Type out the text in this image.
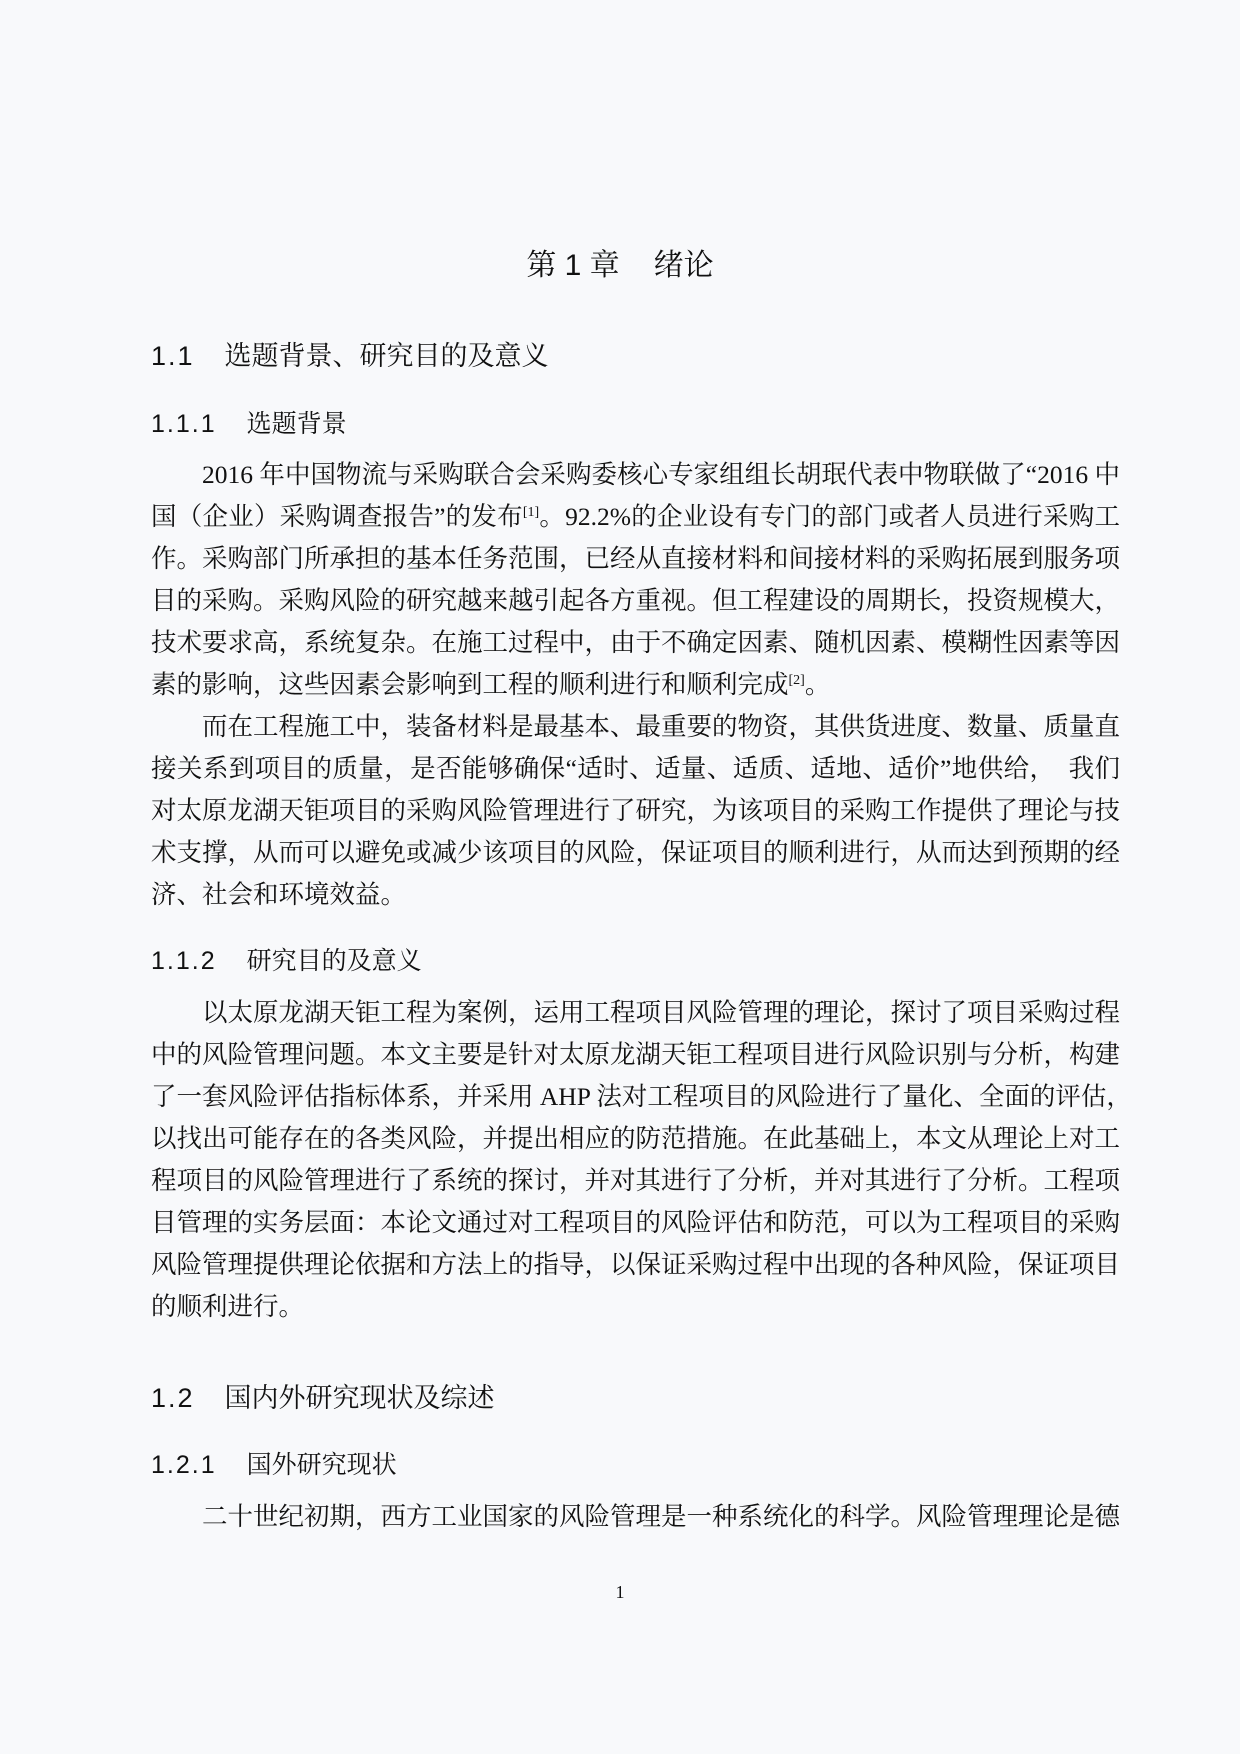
第 1 章 绪论
1.1 选题背景、研究目的及意义
1.1.1 选题背景
2016 年中国物流与采购联合会采购委核心专家组组长胡珉代表中物联做了“2016 中
国（企业）采购调查报告”的发布[1]。92.2%的企业设有专门的部门或者人员进行采购工
作。采购部门所承担的基本任务范围，已经从直接材料和间接材料的采购拓展到服务项
目的采购。采购风险的研究越来越引起各方重视。但工程建设的周期长，投资规模大，
技术要求高，系统复杂。在施工过程中，由于不确定因素、随机因素、模糊性因素等因
素的影响，这些因素会影响到工程的顺利进行和顺利完成[2]。
而在工程施工中，装备材料是最基本、最重要的物资，其供货进度、数量、质量直
接关系到项目的质量，是否能够确保“适时、适量、适质、适地、适价”地供给，　我们
对太原龙湖天钜项目的采购风险管理进行了研究，为该项目的采购工作提供了理论与技
术支撑，从而可以避免或减少该项目的风险，保证项目的顺利进行，从而达到预期的经
济、社会和环境效益。
1.1.2 研究目的及意义
以太原龙湖天钜工程为案例，运用工程项目风险管理的理论，探讨了项目采购过程
中的风险管理问题。本文主要是针对太原龙湖天钜工程项目进行风险识别与分析，构建
了一套风险评估指标体系，并采用 AHP 法对工程项目的风险进行了量化、全面的评估，
以找出可能存在的各类风险，并提出相应的防范措施。在此基础上，本文从理论上对工
程项目的风险管理进行了系统的探讨，并对其进行了分析，并对其进行了分析。工程项
目管理的实务层面：本论文通过对工程项目的风险评估和防范，可以为工程项目的采购
风险管理提供理论依据和方法上的指导，以保证采购过程中出现的各种风险，保证项目
的顺利进行。
1.2 国内外研究现状及综述
1.2.1 国外研究现状
二十世纪初期，西方工业国家的风险管理是一种系统化的科学。风险管理理论是德
1
